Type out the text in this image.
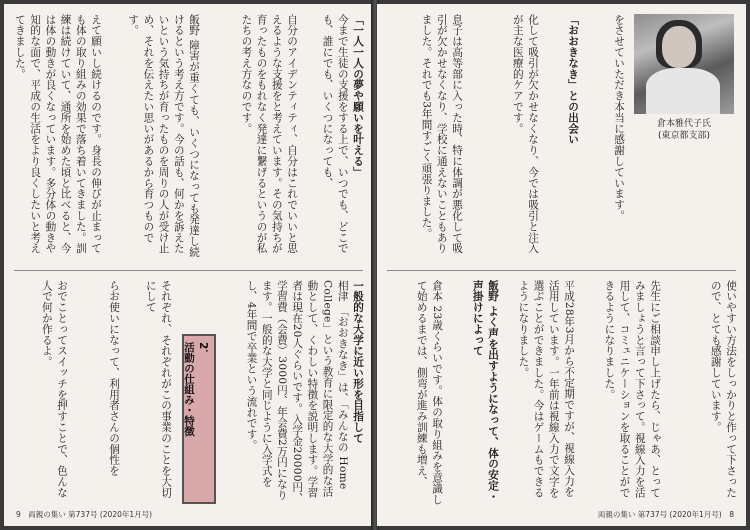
「一人一人の夢や願いを叶える」

今まで生徒の支援をする上で、いつでも、どこでも、誰にでも、いくつになっても、

自分のアイデンティティ、自分はこれでいいと思えるような支援をと考えています。その気持ちが育ったものをもれなく発達に繋げるというのが私たちの考え方なのです。

飯野 障害が重くても、いくつになっても発達し続けるという考え方です。今の話も、何かを訴えたいという気持ちが育ったものを周りの人が受け止め、それを伝えたい思いがあるから育つものです。

えて願いし続けるのです。身長の伸びが止まっても体の取り組みの効果で落ち着いてきました。訓練は続けていて、通所を始めた頃と比べると、今は体の動きが良くなっています。多分体の動きや知的な面で、平成の生活をより良くしたいと考えてきました。

一般的な大学に近い形を目指して

相津 「おおきなき」は、「みんなの Home College」という教育に限定的な大学的な活動として、くわしい特徴を説明します。学習者は現在20人ぐらいです。入学金20000円、学習費（会費）3000円、年会費2万円になります。一般的な大学と同じように入学式をし、4年間で卒業という流れです。

2．
活動の仕組み・特徴

それぞれ、それぞれがこの事業のことを大切にして

らお使いになって、利用者さんの個性を

おでことってスイッチを押すことで、色んな人で何か作るよ。

9　両親の集い 第737号 (2020年1月号)
倉本雅代子氏
(東京都支部)

をさせていただき本当に感謝しています。

「おおきなき」との出会い

化して吸引が欠かせなくなり、今では吸引と注入が主な医療的ケアです。

息子は高等部に入った時、特に体調が悪化して吸引が欠かせなくなり、学校に通えないこともありました。それでも3年間すごく頑張りました。

使いやすい方法をしっかりと作って下さったので、とても感謝しています。

先生にご相談申し上げたら、じゃあ、とってみましょうと言って下さって。視線入力を活用して、コミュニケーションを取ることができるようになりました。

平成28年3月から不定期ですが、視線入力を活用しています。一年前は視線入力で文字を選ぶことができました。今はゲームもできるようになりました。

飯野 よく声を出すようになって、体の安定・声掛けによって

倉本 23歳くらいです。体の取り組みを意識して始めるまでは、側弯が進み訓練も増え、

両親の集い 第737号 (2020年1月号)　8
